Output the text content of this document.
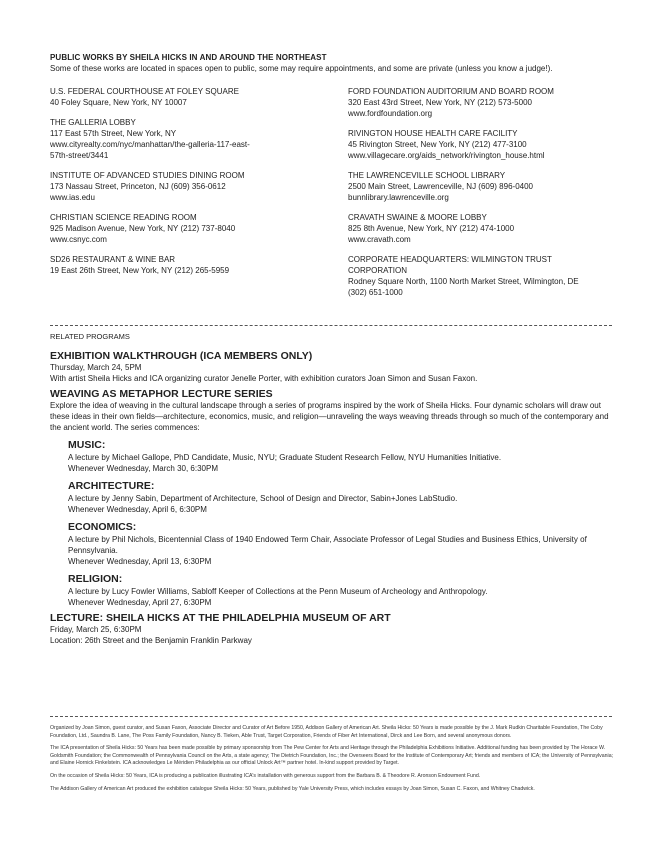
PUBLIC WORKS BY SHEILA HICKS IN AND AROUND THE NORTHEAST
Some of these works are located in spaces open to public, some may require appointments, and some are private (unless you know a judge!).
U.S. FEDERAL COURTHOUSE AT FOLEY SQUARE
40 Foley Square, New York, NY 10007
THE GALLERIA LOBBY
117 East 57th Street, New York, NY
www.cityrealty.com/nyc/manhattan/the-galleria-117-east-
57th-street/3441
INSTITUTE OF ADVANCED STUDIES DINING ROOM
173 Nassau Street, Princeton, NJ (609) 356-0612
www.ias.edu
CHRISTIAN SCIENCE READING ROOM
925 Madison Avenue, New York, NY (212) 737-8040
www.csnyc.com
SD26 RESTAURANT & WINE BAR
19 East 26th Street, New York, NY (212) 265-5959
FORD FOUNDATION AUDITORIUM AND BOARD ROOM
320 East 43rd Street, New York, NY (212) 573-5000
www.fordfoundation.org
RIVINGTON HOUSE HEALTH CARE FACILITY
45 Rivington Street, New York, NY (212) 477-3100
www.villagecare.org/aids_network/rivington_house.html
THE LAWRENCEVILLE SCHOOL LIBRARY
2500 Main Street, Lawrenceville, NJ (609) 896-0400
bunnlibrary.lawrenceville.org
CRAVATH SWAINE & MOORE LOBBY
825 8th Avenue, New York, NY (212) 474-1000
www.cravath.com
CORPORATE HEADQUARTERS: WILMINGTON TRUST CORPORATION
Rodney Square North, 1100 North Market Street, Wilmington, DE
(302) 651-1000
RELATED PROGRAMS
EXHIBITION WALKTHROUGH (ICA MEMBERS ONLY)
Thursday, March 24, 5PM
With artist Sheila Hicks and ICA organizing curator Jenelle Porter, with exhibition curators Joan Simon and Susan Faxon.
WEAVING AS METAPHOR LECTURE SERIES
Explore the idea of weaving in the cultural landscape through a series of programs inspired by the work of Sheila Hicks. Four dynamic scholars will draw out these ideas in their own fields—architecture, economics, music, and religion—unraveling the ways weaving threads through so much of the contemporary and the ancient world. The series commences:
MUSIC:
A lecture by Michael Gallope, PhD Candidate, Music, NYU; Graduate Student Research Fellow, NYU Humanities Initiative.
Whenever Wednesday, March 30, 6:30PM
ARCHITECTURE:
A lecture by Jenny Sabin, Department of Architecture, School of Design and Director, Sabin+Jones LabStudio.
Whenever Wednesday, April 6, 6:30PM
ECONOMICS:
A lecture by Phil Nichols, Bicentennial Class of 1940 Endowed Term Chair, Associate Professor of Legal Studies and Business Ethics, University of Pennsylvania.
Whenever Wednesday, April 13, 6:30PM
RELIGION:
A lecture by Lucy Fowler Williams, Sabloff Keeper of Collections at the Penn Museum of Archeology and Anthropology.
Whenever Wednesday, April 27, 6:30PM
LECTURE: SHEILA HICKS AT THE PHILADELPHIA MUSEUM OF ART
Friday, March 25, 6:30PM
Location: 26th Street and the Benjamin Franklin Parkway

Organized by Joan Simon, guest curator, and Susan Faxon, Associate Director and Curator of Art Before 1950, Addison Gallery of American Art. Sheila Hicks: 50 Years is made possible by the J. Mark Rudkin Charitable Foundation, The Coby Foundation, Ltd., Saundra B. Lane, The Poss Family Foundation, Nancy B. Tieken, Able Trust, Target Corporation, Friends of Fiber Art International, Dirck and Lee Born, and several anonymous donors.

The ICA presentation of Sheila Hicks: 50 Years has been made possible by primary sponsorship from The Pew Center for Arts and Heritage through the Philadelphia Exhibitions Initiative. Additional funding has been provided by The Horace W. Goldsmith Foundation; the Commonwealth of Pennsylvania Council on the Arts, a state agency; The Dietrich Foundation, Inc.; the Overseers Board for the Institute of Contemporary Art; friends and members of ICA; the University of Pennsylvania; and Elaine Hornick Finkelstein. ICA acknowledges Le Méridien Philadelphia as our official Unlock Art™ partner hotel. In-kind support provided by Target.

On the occasion of Sheila Hicks: 50 Years, ICA is producing a publication illustrating ICA's installation with generous support from the Barbara B. & Theodore R. Aronson Endowment Fund.

The Addison Gallery of American Art produced the exhibition catalogue Sheila Hicks: 50 Years, published by Yale University Press, which includes essays by Joan Simon, Susan C. Faxon, and Whitney Chadwick.
